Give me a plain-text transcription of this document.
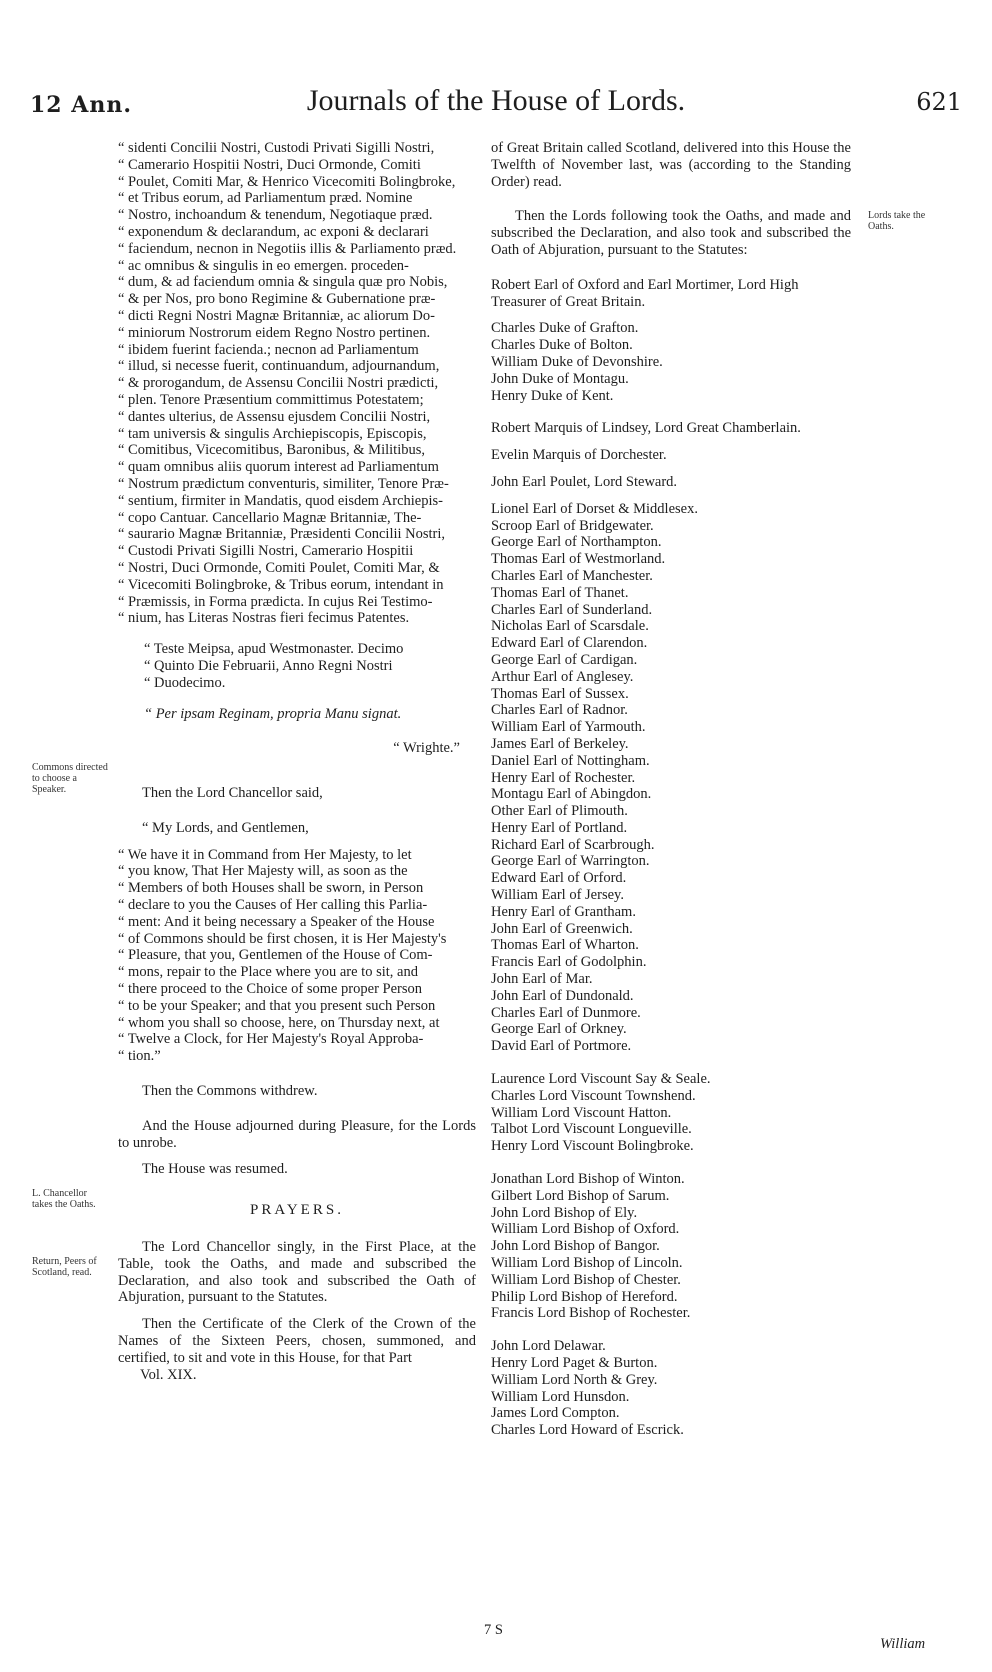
12 Ann.	Journals of the House of Lords.	621

“ sidenti Concilii Nostri, Custodi Privati Sigilli Nostri,

“ Camerario Hospitii Nostri, Duci Ormonde, Comiti

“ Poulet, Comiti Mar, & Henrico Vicecomiti Bolingbroke,

“ et Tribus eorum, ad Parliamentum præd. Nomine

“ Nostro, inchoandum & tenendum, Negotiaque præd.

“ exponendum & declarandum, ac exponi & declarari

“ faciendum, necnon in Negotiis illis & Parliamento præd.

“ ac omnibus & singulis in eo emergen. proceden-

“ dum, & ad faciendum omnia & singula quæ pro Nobis,

“ & per Nos, pro bono Regimine & Gubernatione præ-

“ dicti Regni Nostri Magnæ Britanniæ, ac aliorum Do-

“ miniorum Nostrorum eidem Regno Nostro pertinen.

“ ibidem fuerint facienda.; necnon ad Parliamentum

“ illud, si necesse fuerit, continuandum, adjournandum,

“ & prorogandum, de Assensu Concilii Nostri prædicti,

“ plen. Tenore Præsentium committimus Potestatem;

“ dantes ulterius, de Assensu ejusdem Concilii Nostri,

“ tam universis & singulis Archiepiscopis, Episcopis,

“ Comitibus, Vicecomitibus, Baronibus, & Militibus,

“ quam omnibus aliis quorum interest ad Parliamentum

“ Nostrum prædictum conventuris, similiter, Tenore Præ-

“ sentium, firmiter in Mandatis, quod eisdem Archiepis-

“ copo Cantuar. Cancellario Magnæ Britanniæ, The-

“ saurario Magnæ Britanniæ, Præsidenti Concilii Nostri,

“ Custodi Privati Sigilli Nostri, Camerario Hospitii

“ Nostri, Duci Ormonde, Comiti Poulet, Comiti Mar, &

“ Vicecomiti Bolingbroke, & Tribus eorum, intendant in

“ Præmissis, in Forma prædicta. In cujus Rei Testimo-

“ nium, has Literas Nostras fieri fecimus Patentes.

“ Teste Meipsa, apud Westmonaster. Decimo

“ Quinto Die Februarii, Anno Regni Nostri

“ Duodecimo.

“ Per ipsam Reginam, propria Manu signat.

“ Wrighte.”

Then the Lord Chancellor said,

“ My Lords, and Gentlemen,

“ We have it in Command from Her Majesty, to let

“ you know, That Her Majesty will, as soon as the

“ Members of both Houses shall be sworn, in Person

“ declare to you the Causes of Her calling this Parlia-

“ ment: And it being necessary a Speaker of the House

“ of Commons should be first chosen, it is Her Majesty's

“ Pleasure, that you, Gentlemen of the House of Com-

“ mons, repair to the Place where you are to sit, and

“ there proceed to the Choice of some proper Person

“ to be your Speaker; and that you present such Person

“ whom you shall so choose, here, on Thursday next, at

“ Twelve a Clock, for Her Majesty's Royal Approba-

“ tion.”

Then the Commons withdrew.

And the House adjourned during Pleasure, for the Lords to unrobe.

The House was resumed.

PRAYERS.

The Lord Chancellor singly, in the First Place, at the Table, took the Oaths, and made and subscribed the Declaration, and also took and subscribed the Oath of Abjuration, pursuant to the Statutes.

Then the Certificate of the Clerk of the Crown of the Names of the Sixteen Peers, chosen, summoned, and certified, to sit and vote in this House, for that Part

Vol. XIX.

Commons directed to choose a Speaker.
L. Chancellor takes the Oaths.
Return, Peers of Scotland, read.
Lords take the Oaths.

of Great Britain called Scotland, delivered into this House the Twelfth of November last, was (according to the Standing Order) read.

Then the Lords following took the Oaths, and made and subscribed the Declaration, and also took and subscribed the Oath of Abjuration, pursuant to the Statutes:

Robert Earl of Oxford and Earl Mortimer, Lord High Treasurer of Great Britain.

Charles Duke of Grafton.

Charles Duke of Bolton.

William Duke of Devonshire.

John Duke of Montagu.

Henry Duke of Kent.

Robert Marquis of Lindsey, Lord Great Chamberlain.

Evelin Marquis of Dorchester.

John Earl Poulet, Lord Steward.

Lionel Earl of Dorset & Middlesex.

Scroop Earl of Bridgewater.

George Earl of Northampton.

Thomas Earl of Westmorland.

Charles Earl of Manchester.

Thomas Earl of Thanet.

Charles Earl of Sunderland.

Nicholas Earl of Scarsdale.

Edward Earl of Clarendon.

George Earl of Cardigan.

Arthur Earl of Anglesey.

Thomas Earl of Sussex.

Charles Earl of Radnor.

William Earl of Yarmouth.

James Earl of Berkeley.

Daniel Earl of Nottingham.

Henry Earl of Rochester.

Montagu Earl of Abingdon.

Other Earl of Plimouth.

Henry Earl of Portland.

Richard Earl of Scarbrough.

George Earl of Warrington.

Edward Earl of Orford.

William Earl of Jersey.

Henry Earl of Grantham.

John Earl of Greenwich.

Thomas Earl of Wharton.

Francis Earl of Godolphin.

John Earl of Mar.

John Earl of Dundonald.

Charles Earl of Dunmore.

George Earl of Orkney.

David Earl of Portmore.

Laurence Lord Viscount Say & Seale.

Charles Lord Viscount Townshend.

William Lord Viscount Hatton.

Talbot Lord Viscount Longueville.

Henry Lord Viscount Bolingbroke.

Jonathan Lord Bishop of Winton.

Gilbert Lord Bishop of Sarum.

John Lord Bishop of Ely.

William Lord Bishop of Oxford.

John Lord Bishop of Bangor.

William Lord Bishop of Lincoln.

William Lord Bishop of Chester.

Philip Lord Bishop of Hereford.

Francis Lord Bishop of Rochester.

John Lord Delawar.

Henry Lord Paget & Burton.

William Lord North & Grey.

William Lord Hunsdon.

James Lord Compton.

Charles Lord Howard of Escrick.

7 S
William
